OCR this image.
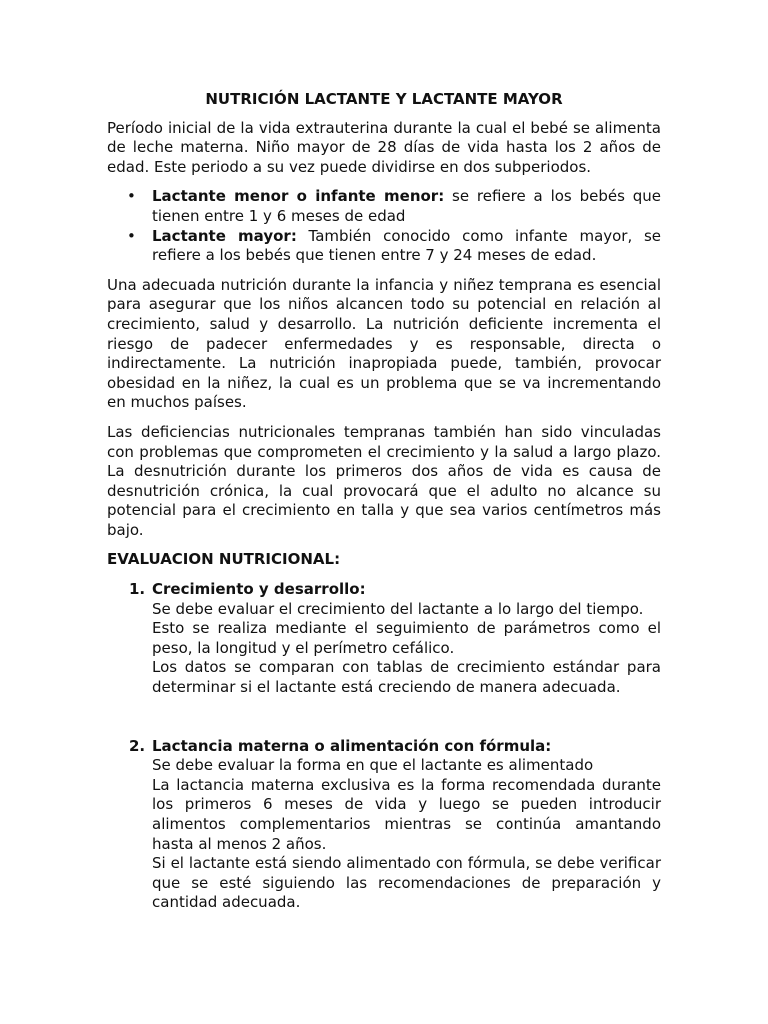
NUTRICIÓN LACTANTE Y LACTANTE MAYOR

Período inicial de la vida extrauterina durante la cual el bebé se alimenta de leche materna. Niño mayor de 28 días de vida hasta los 2 años de edad. Este periodo a su vez puede dividirse en dos subperiodos.

• Lactante menor o infante menor: se refiere a los bebés que tienen entre 1 y 6 meses de edad
• Lactante mayor: También conocido como infante mayor, se refiere a los bebés que tienen entre 7 y 24 meses de edad.

Una adecuada nutrición durante la infancia y niñez temprana es esencial para asegurar que los niños alcancen todo su potencial en relación al crecimiento, salud y desarrollo. La nutrición deficiente incrementa el riesgo de padecer enfermedades y es responsable, directa o indirectamente. La nutrición inapropiada puede, también, provocar obesidad en la niñez, la cual es un problema que se va incrementando en muchos países.

Las deficiencias nutricionales tempranas también han sido vinculadas con problemas que comprometen el crecimiento y la salud a largo plazo. La desnutrición durante los primeros dos años de vida es causa de desnutrición crónica, la cual provocará que el adulto no alcance su potencial para el crecimiento en talla y que sea varios centímetros más bajo.

EVALUACION NUTRICIONAL:
1. Crecimiento y desarrollo:

Se debe evaluar el crecimiento del lactante a lo largo del tiempo.

Esto se realiza mediante el seguimiento de parámetros como el peso, la longitud y el perímetro cefálico.

Los datos se comparan con tablas de crecimiento estándar para determinar si el lactante está creciendo de manera adecuada.

2. Lactancia materna o alimentación con fórmula:

Se debe evaluar la forma en que el lactante es alimentado

La lactancia materna exclusiva es la forma recomendada durante los primeros 6 meses de vida y luego se pueden introducir alimentos complementarios mientras se continúa amantando hasta al menos 2 años.

Si el lactante está siendo alimentado con fórmula, se debe verificar que se esté siguiendo las recomendaciones de preparación y cantidad adecuada.
